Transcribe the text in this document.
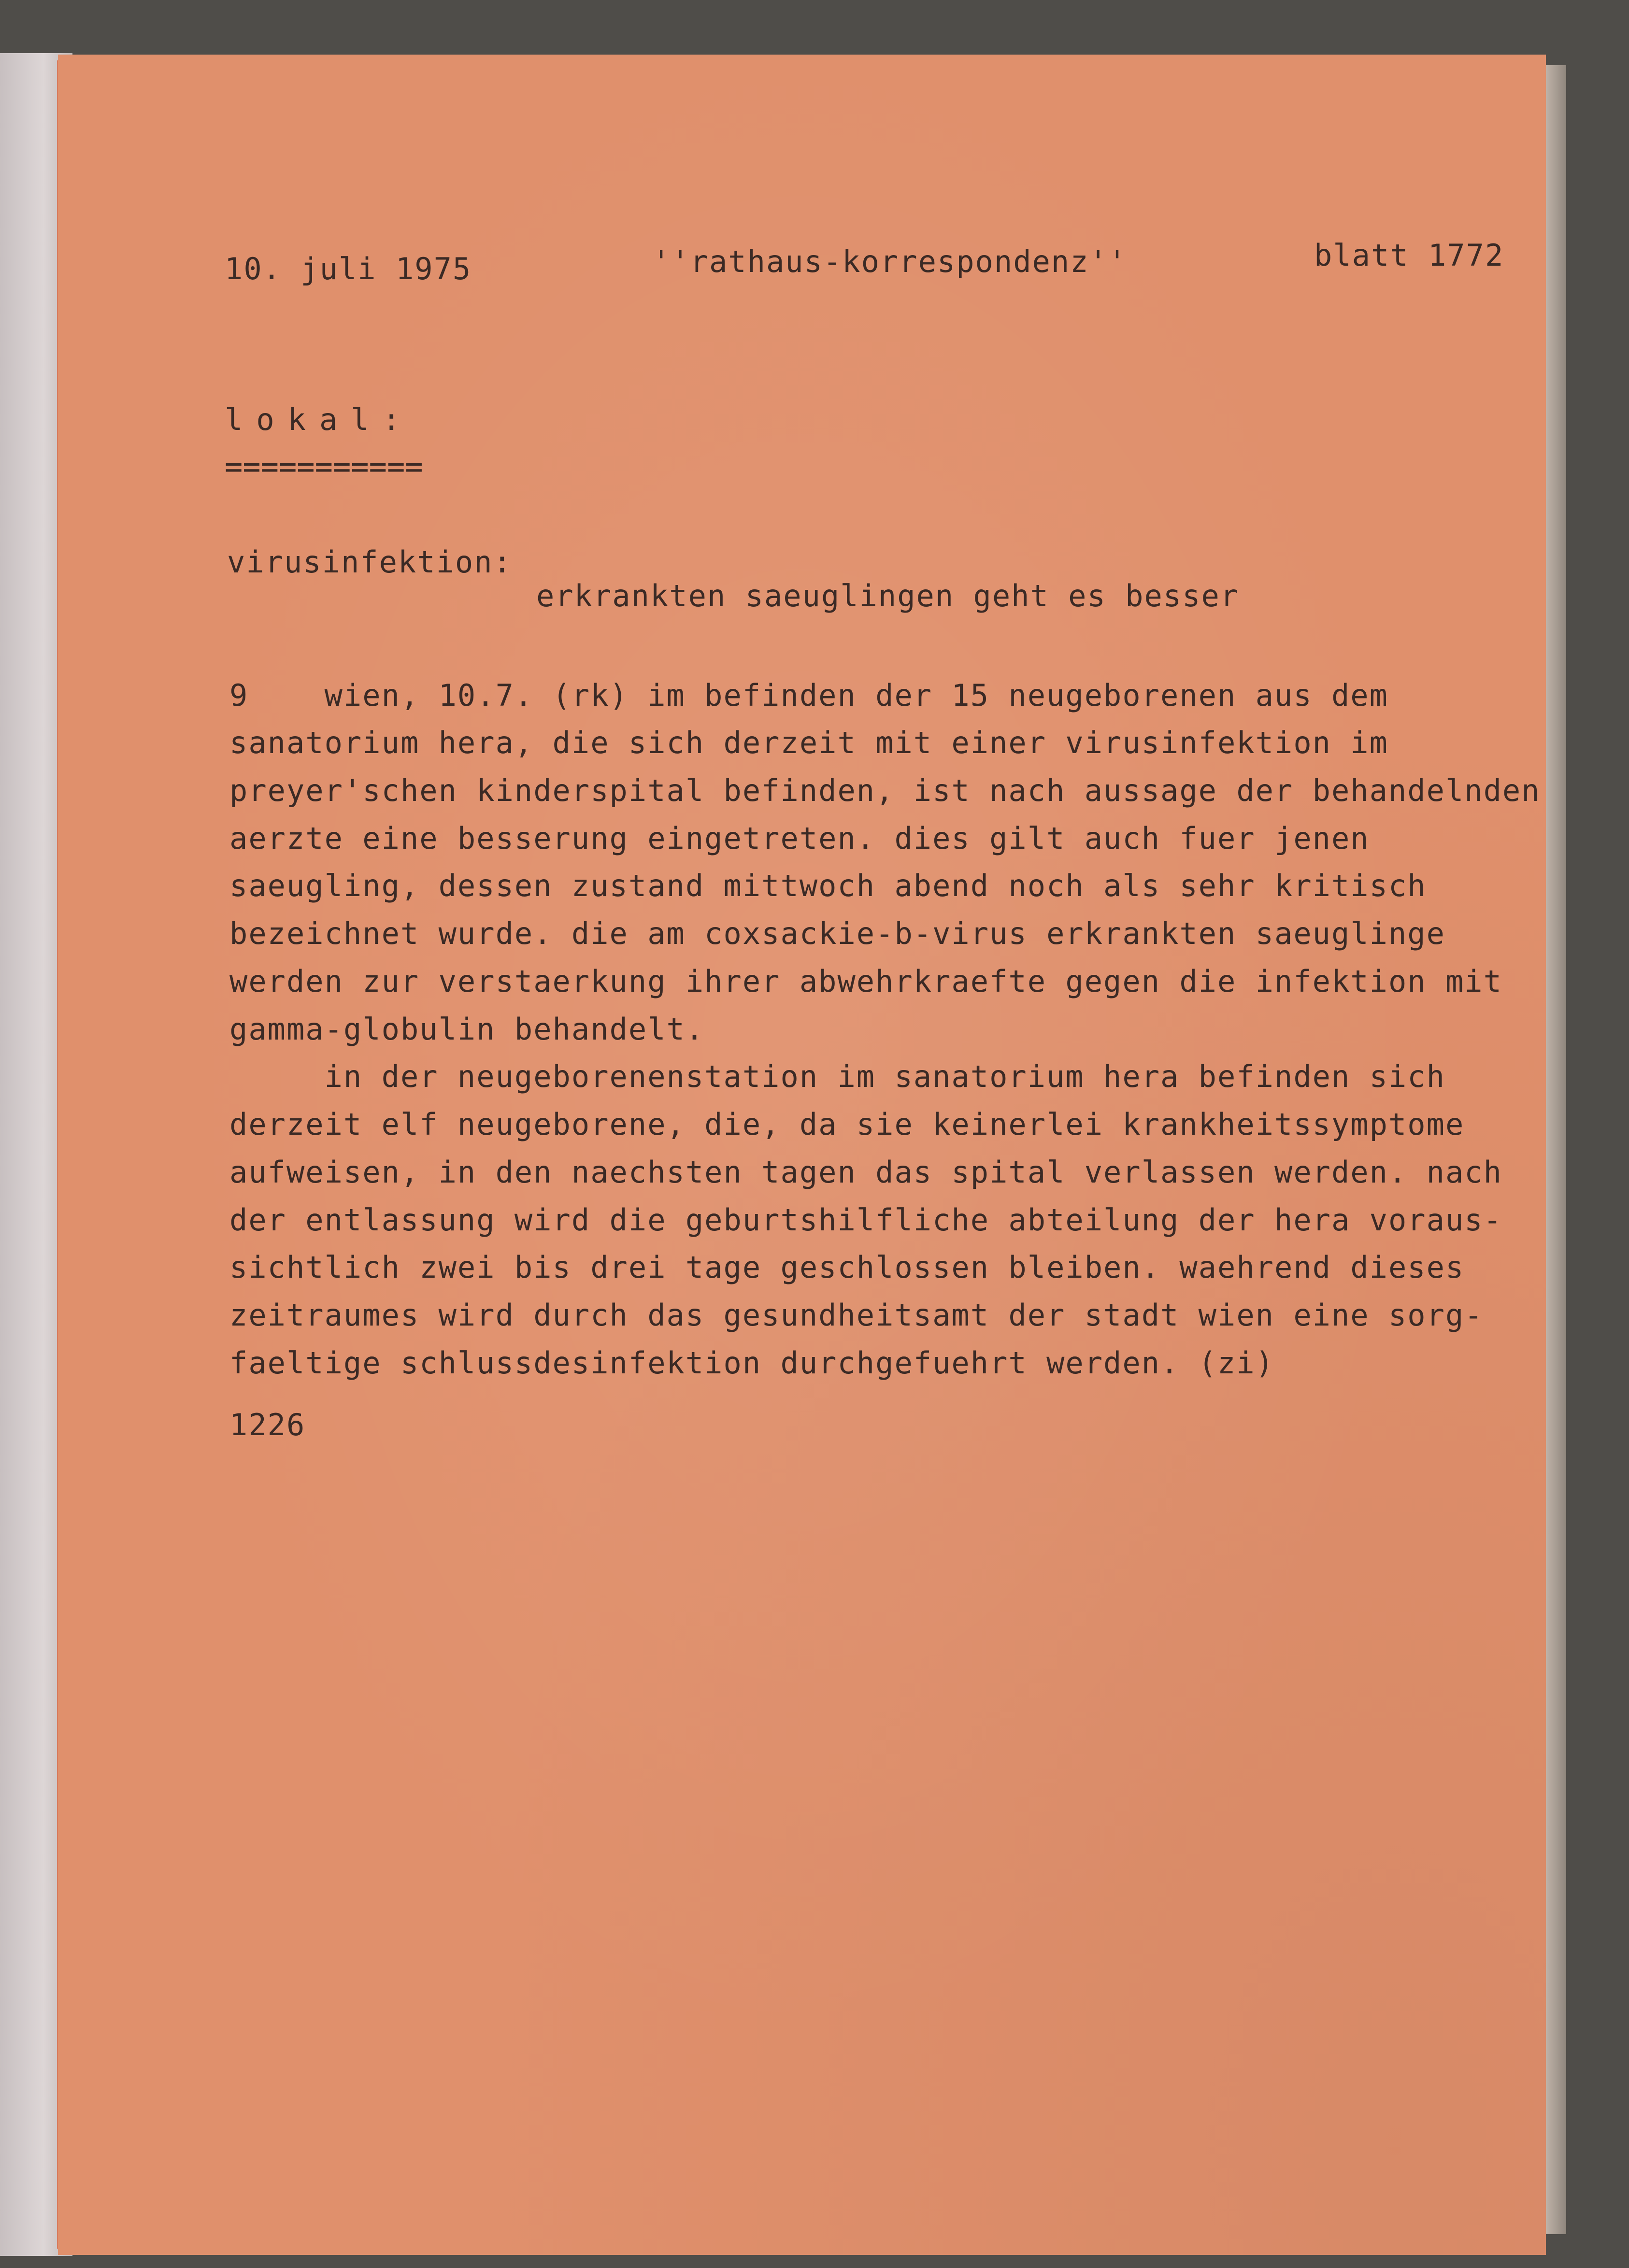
10. juli 1975	''rathaus-korrespondenz''	blatt 1772

lokal:

===========

virusinfektion:

erkrankten saeuglingen geht es besser

9    wien, 10.7. (rk) im befinden der 15 neugeborenen aus dem

sanatorium hera, die sich derzeit mit einer virusinfektion im

preyer'schen kinderspital befinden, ist nach aussage der behandelnden

aerzte eine besserung eingetreten. dies gilt auch fuer jenen

saeugling, dessen zustand mittwoch abend noch als sehr kritisch

bezeichnet wurde. die am coxsackie-b-virus erkrankten saeuglinge

werden zur verstaerkung ihrer abwehrkraefte gegen die infektion mit

gamma-globulin behandelt.

in der neugeborenenstation im sanatorium hera befinden sich

derzeit elf neugeborene, die, da sie keinerlei krankheitssymptome

aufweisen, in den naechsten tagen das spital verlassen werden. nach

der entlassung wird die geburtshilfliche abteilung der hera voraus-

sichtlich zwei bis drei tage geschlossen bleiben. waehrend dieses

zeitraumes wird durch das gesundheitsamt der stadt wien eine sorg-

faeltige schlussdesinfektion durchgefuehrt werden. (zi)

1226
